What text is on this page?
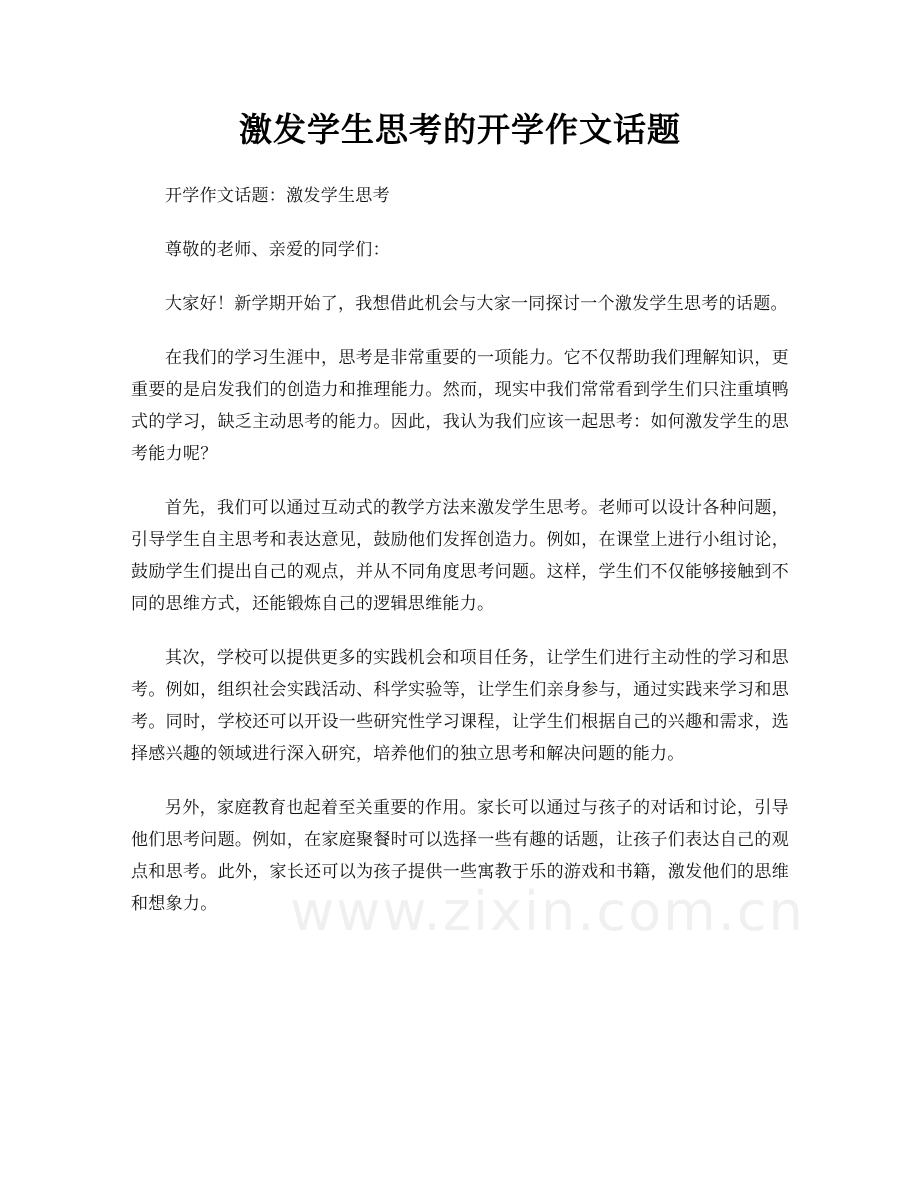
激发学生思考的开学作文话题

开学作文话题：激发学生思考

尊敬的老师、亲爱的同学们：

大家好！新学期开始了，我想借此机会与大家一同探讨一个激发学生思考的话题。

在我们的学习生涯中，思考是非常重要的一项能力。它不仅帮助我们理解知识，更重要的是启发我们的创造力和推理能力。然而，现实中我们常常看到学生们只注重填鸭式的学习，缺乏主动思考的能力。因此，我认为我们应该一起思考：如何激发学生的思考能力呢？

首先，我们可以通过互动式的教学方法来激发学生思考。老师可以设计各种问题，引导学生自主思考和表达意见，鼓励他们发挥创造力。例如，在课堂上进行小组讨论，鼓励学生们提出自己的观点，并从不同角度思考问题。这样，学生们不仅能够接触到不同的思维方式，还能锻炼自己的逻辑思维能力。

其次，学校可以提供更多的实践机会和项目任务，让学生们进行主动性的学习和思考。例如，组织社会实践活动、科学实验等，让学生们亲身参与，通过实践来学习和思考。同时，学校还可以开设一些研究性学习课程，让学生们根据自己的兴趣和需求，选择感兴趣的领域进行深入研究，培养他们的独立思考和解决问题的能力。

另外，家庭教育也起着至关重要的作用。家长可以通过与孩子的对话和讨论，引导他们思考问题。例如，在家庭聚餐时可以选择一些有趣的话题，让孩子们表达自己的观点和思考。此外，家长还可以为孩子提供一些寓教于乐的游戏和书籍，激发他们的思维和想象力。	www.zixin.com.cn
